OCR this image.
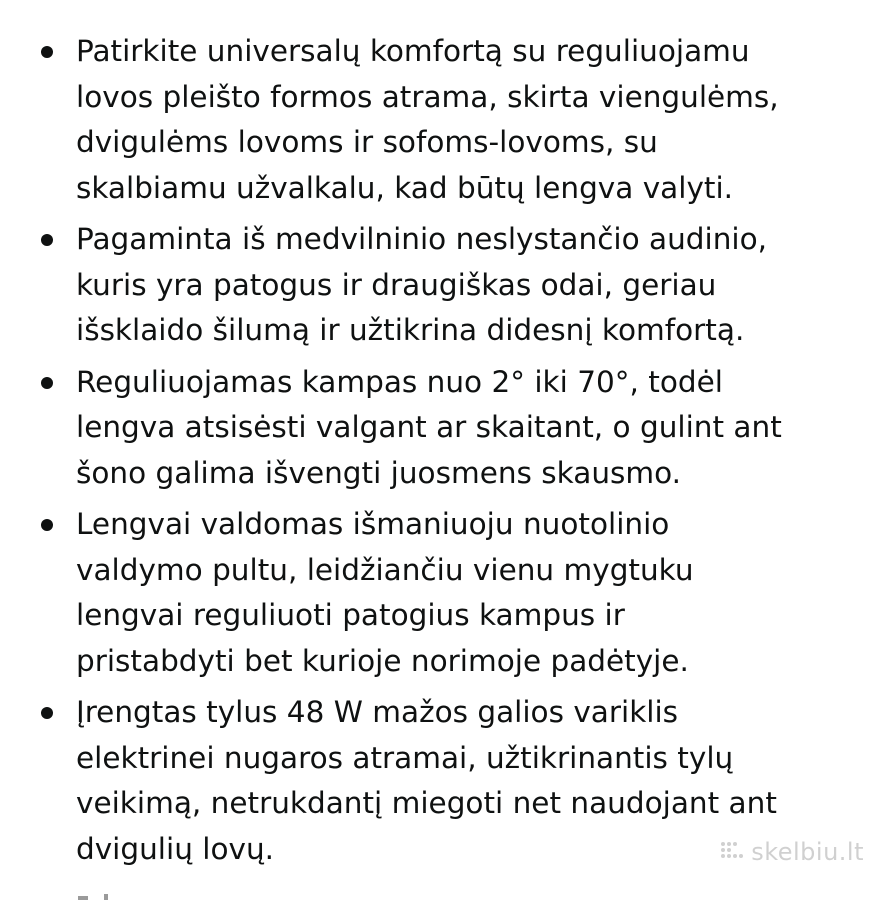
Patirkite universalų komfortą su reguliuojamu
lovos pleišto formos atrama, skirta viengulėms,
dvigulėms lovoms ir sofoms-lovoms, su
skalbiamu užvalkalu, kad būtų lengva valyti.
Pagaminta iš medvilninio neslystančio audinio,
kuris yra patogus ir draugiškas odai, geriau
išsklaido šilumą ir užtikrina didesnį komfortą.
Reguliuojamas kampas nuo 2° iki 70°, todėl
lengva atsisėsti valgant ar skaitant, o gulint ant
šono galima išvengti juosmens skausmo.
Lengvai valdomas išmaniuoju nuotolinio
valdymo pultu, leidžiančiu vienu mygtuku
lengvai reguliuoti patogius kampus ir
pristabdyti bet kurioje norimoje padėtyje.
Įrengtas tylus 48 W mažos galios variklis
elektrinei nugaros atramai, užtikrinantis tylų
veikimą, netrukdantį miegoti net naudojant ant
dvigulių lovų.	skelbiu.lt
